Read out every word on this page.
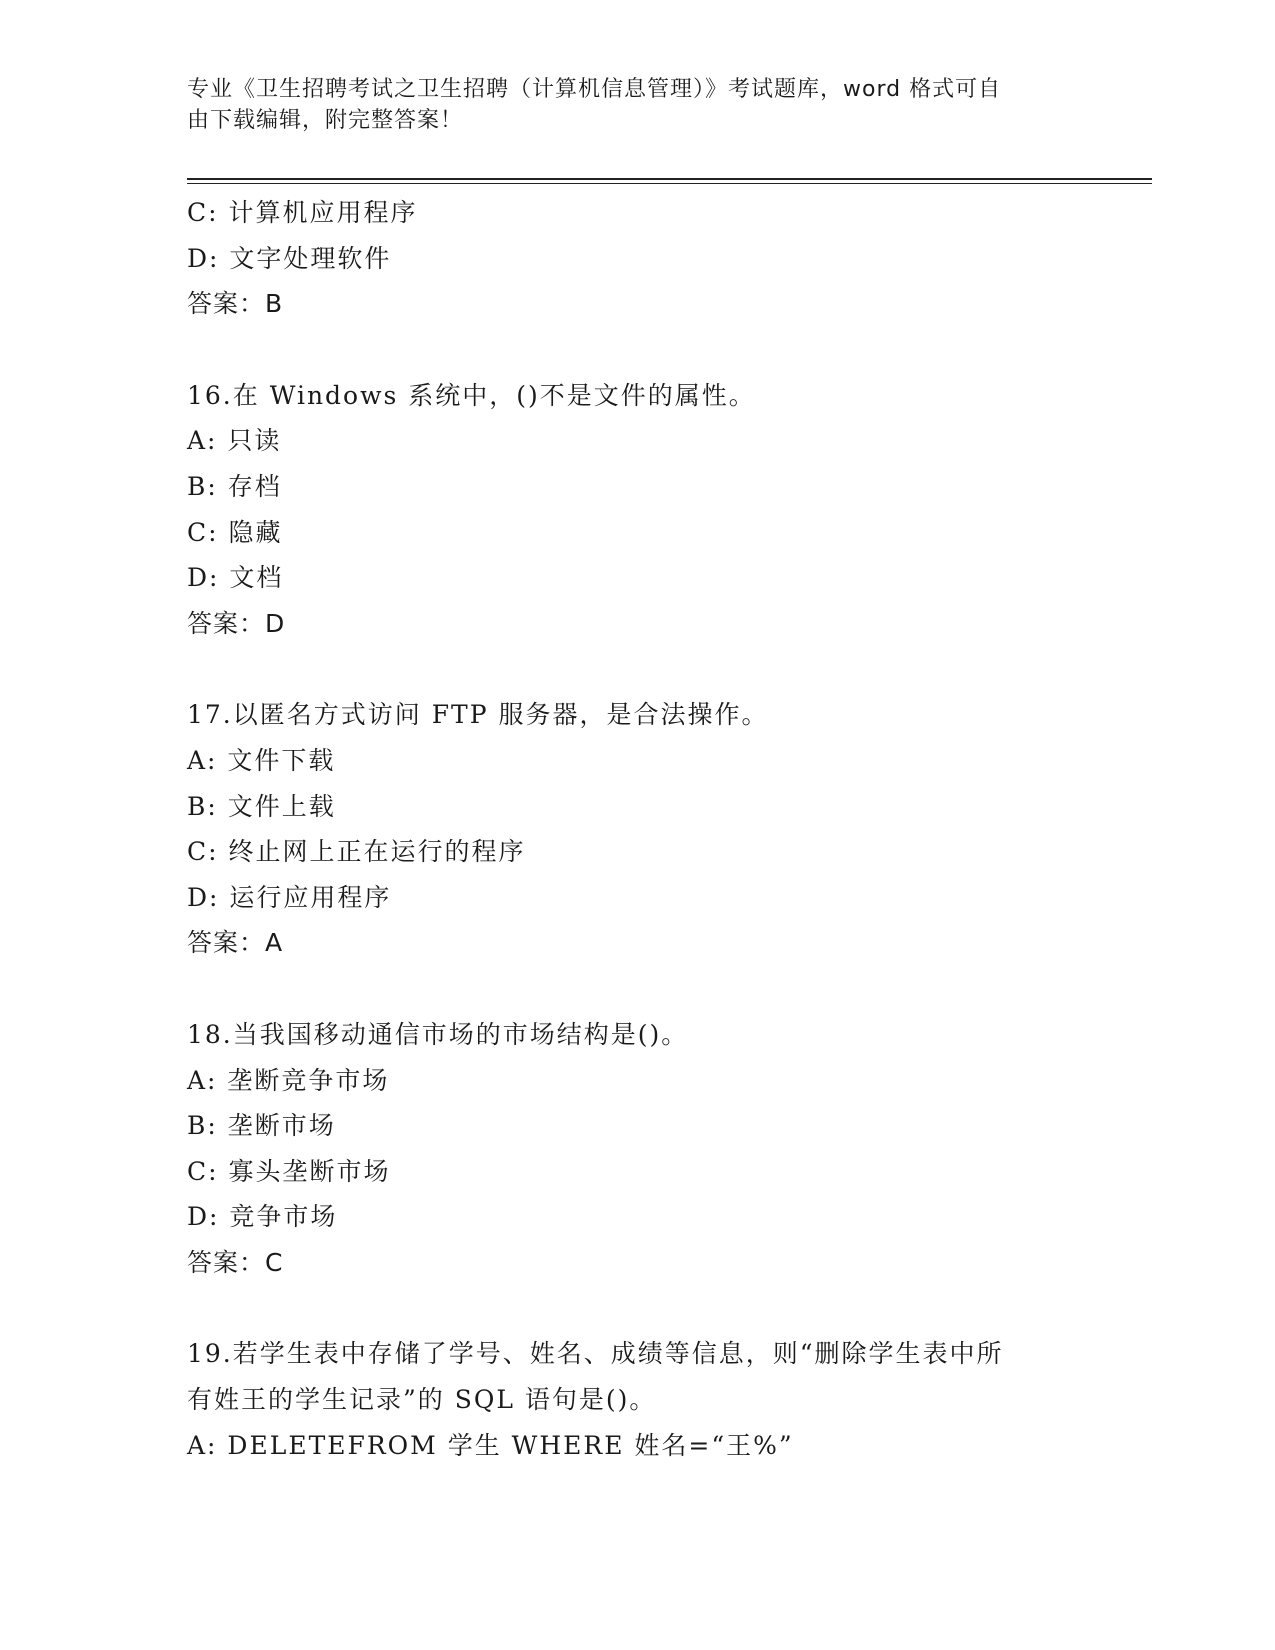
专业《卫生招聘考试之卫生招聘（计算机信息管理）》考试题库，word 格式可自
由下载编辑，附完整答案！
C: 计算机应用程序
D: 文字处理软件
答案：B
16.在 Windows 系统中，()不是文件的属性。
A: 只读
B: 存档
C: 隐藏
D: 文档
答案：D
17.以匿名方式访问 FTP 服务器，是合法操作。
A: 文件下载
B: 文件上载
C: 终止网上正在运行的程序
D: 运行应用程序
答案：A
18.当我国移动通信市场的市场结构是()。
A: 垄断竞争市场
B: 垄断市场
C: 寡头垄断市场
D: 竞争市场
答案：C
19.若学生表中存储了学号、姓名、成绩等信息，则“删除学生表中所
有姓王的学生记录”的 SQL 语句是()。
A: DELETEFROM 学生 WHERE 姓名=“王%”
